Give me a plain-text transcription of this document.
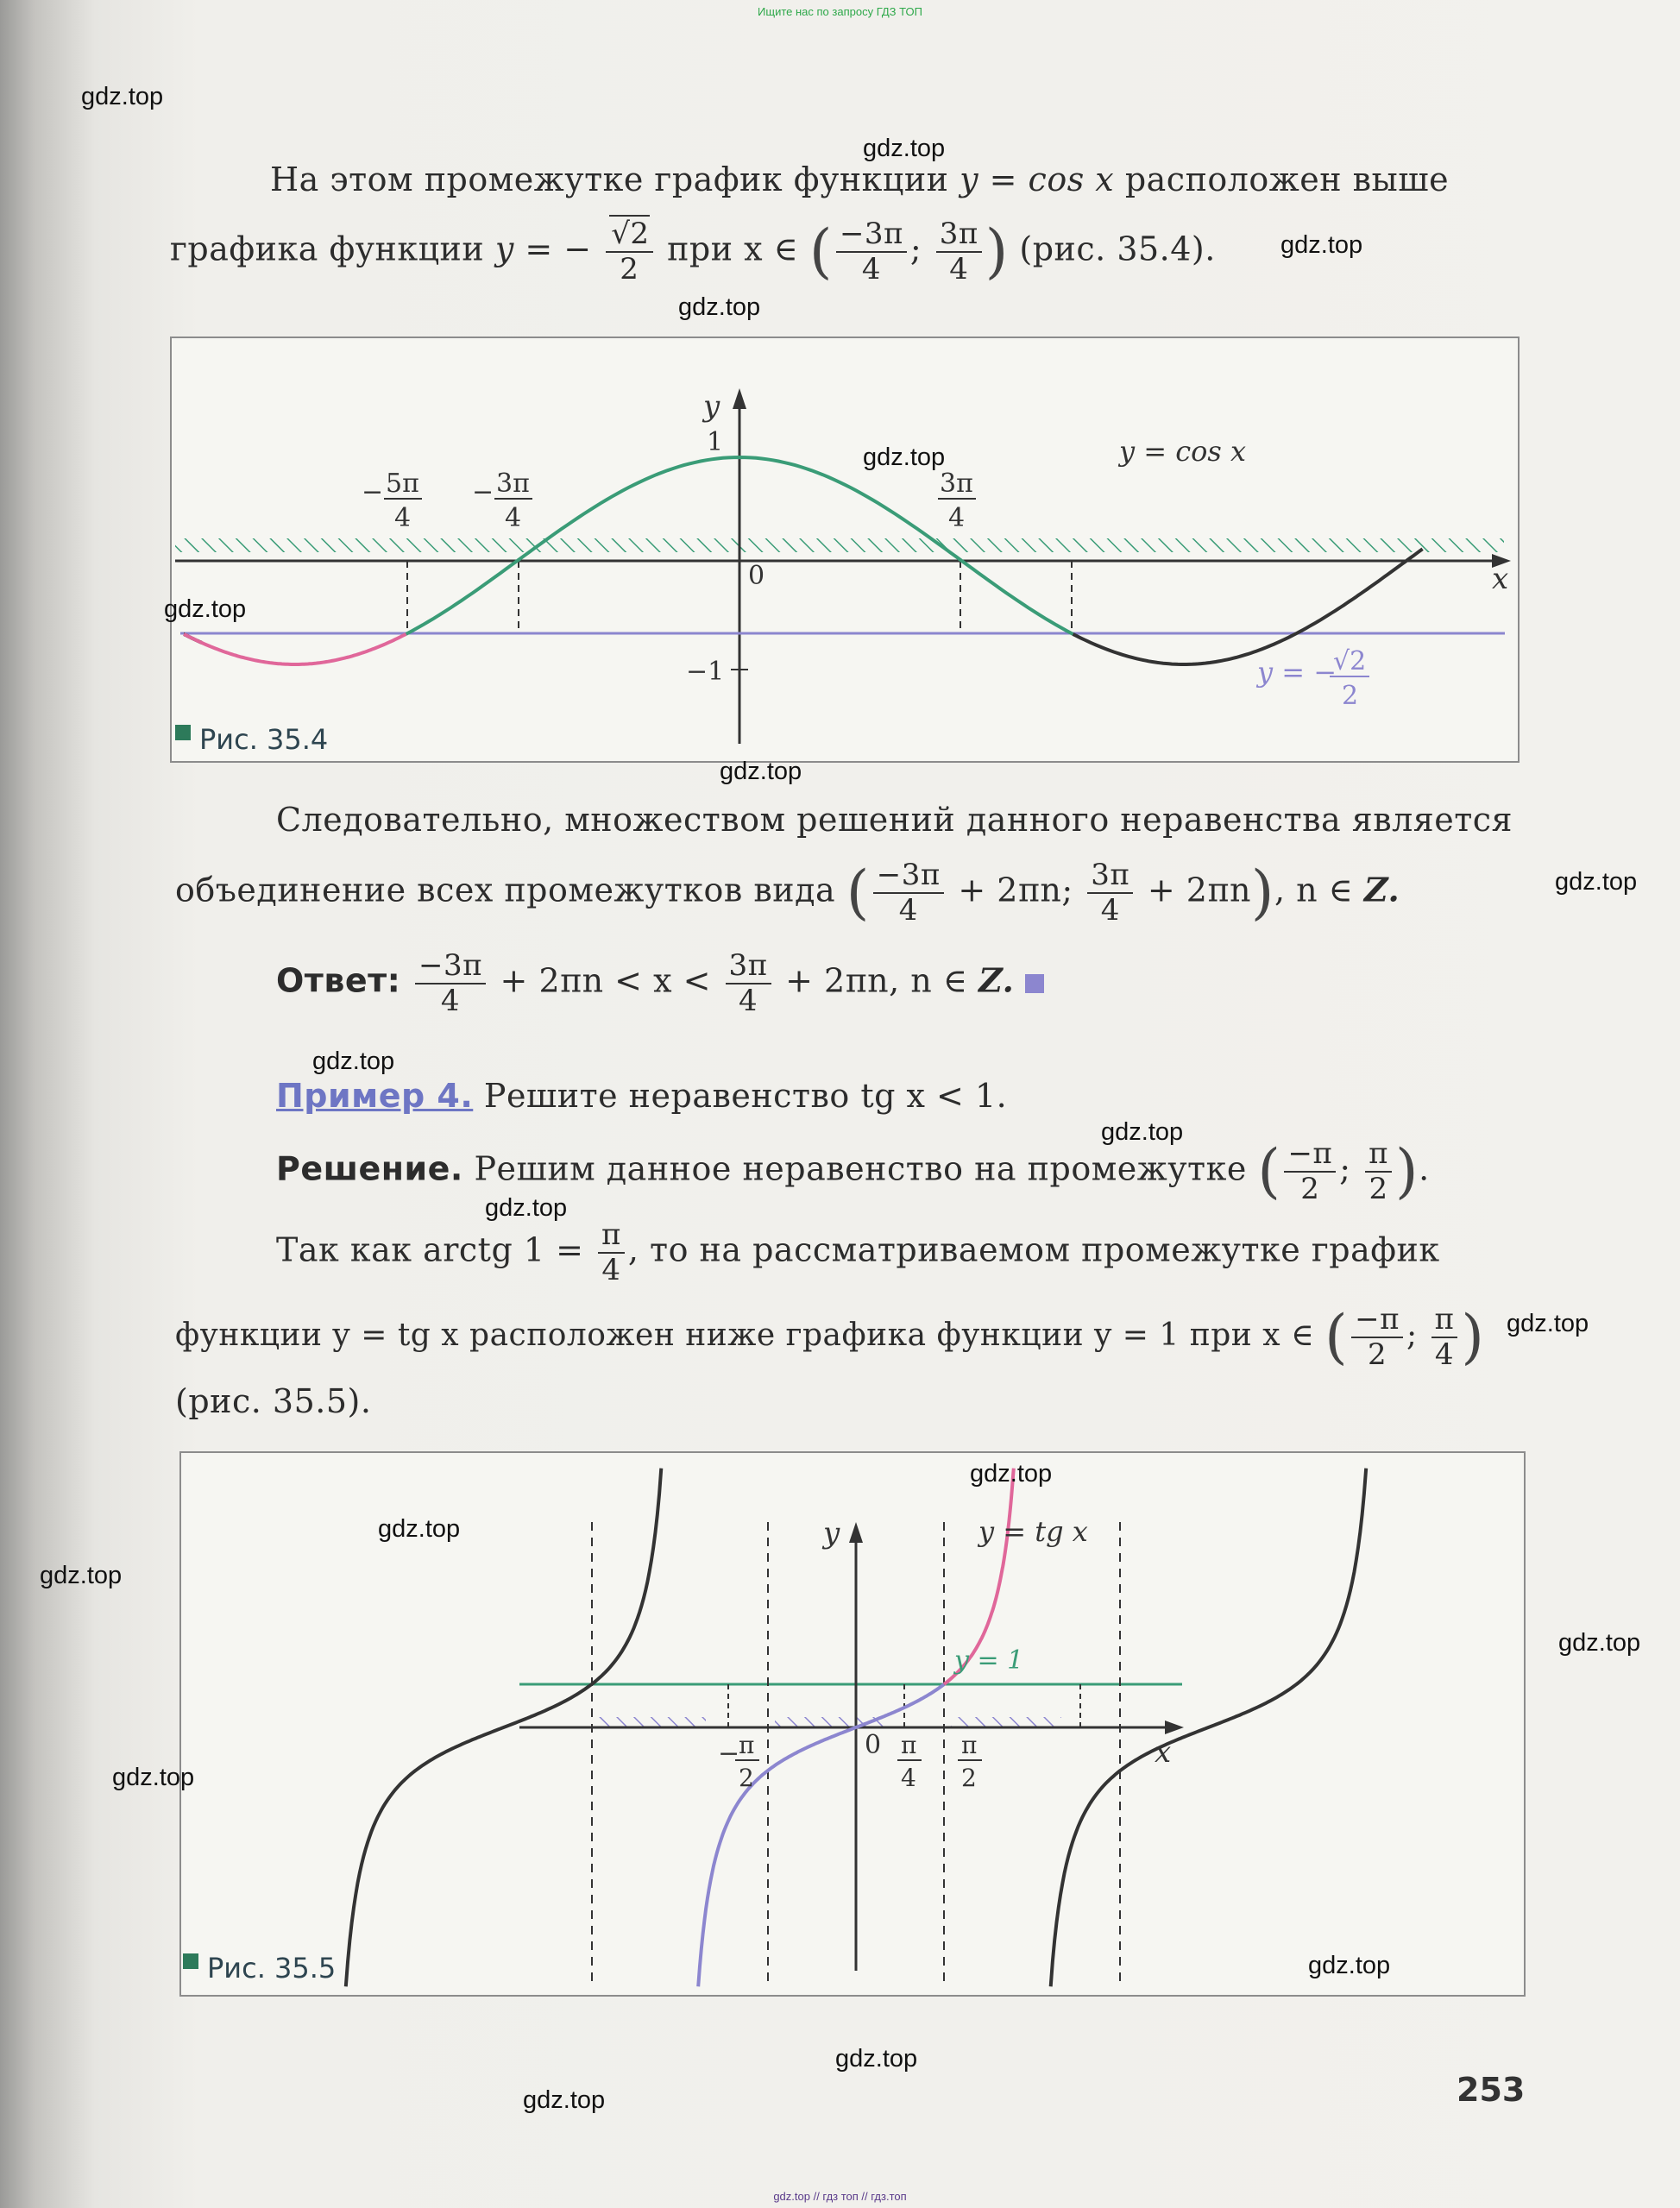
Ищите нас по запросу ГДЗ ТОП
На этом промежутке график функции y = cos x расположен выше
графика функции y = − $\frac{√2}{2}$ при x ∈ ( $\frac{-3\pi}{4}$ ; $\frac{3\pi}{4}$ ) (рис. 35.4).
y
x
1
−1
0
− 5π
4
− 3π
4
3π
4
y = cos x
y = −
√2
2
Рис. 35.4
Следовательно, множеством решений данного неравенства является
объединение всех промежутков вида ( $\frac{-3\pi}{4} + 2\pi n$; $\frac{3\pi}{4} + 2\pi n$), n ∈ Z.
Ответ: $\frac{-3\pi}{4} + 2\pi n < x < \frac{3\pi}{4} + 2\pi n$, n ∈ Z.
Пример 4. Решите неравенство tg x < 1.
Решение. Решим данное неравенство на промежутке ( $\frac{-\pi}{2}$ ; $\frac{\pi}{2}$ ).
Так как arctg $1 = \frac{\pi}{4}$ , то на рассматриваемом промежутке график
функции y = tg x расположен ниже графика функции y = 1 при x ∈ ( $\frac{-\pi}{2}$ ; $\frac{\pi}{4}$ )
(рис. 35.5).
y
x
0
y = tg x
y = 1
−
π
2
π
4
π
2
Рис. 35.5
253
gdz.top
gdz.top
gdz.top
gdz.top
gdz.top
gdz.top
gdz.top
gdz.top
gdz.top
gdz.top
gdz.top
gdz.top
gdz.top
gdz.top
gdz.top
gdz.top
gdz.top
gdz.top
gdz.top
gdz.top
gdz.top // гдз топ // гдз.топ
